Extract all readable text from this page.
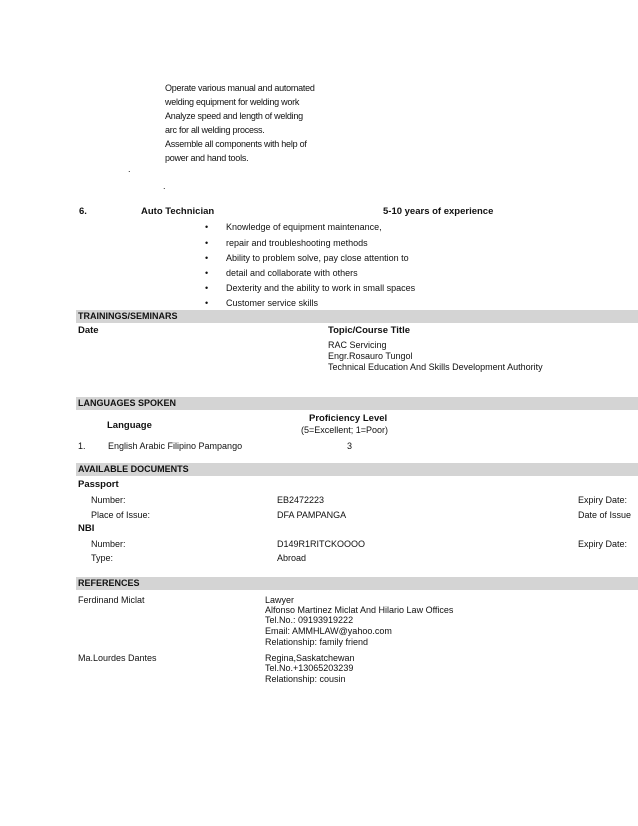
Operate various manual and automated
welding equipment for welding work
Analyze speed and length of welding
arc for all welding process.
Assemble all components with help of
power and hand tools.
.
.
6.	Auto Technician	5-10 years of experience
• Knowledge of equipment maintenance,
• repair and troubleshooting methods
• Ability to problem solve, pay close attention to
• detail and collaborate with others
• Dexterity and the ability to work in small spaces
• Customer service skills
TRAININGS/SEMINARS
Date	Topic/Course Title
RAC Servicing
Engr.Rosauro Tungol
Technical Education And Skills Development Authority
LANGUAGES SPOKEN
Language
Proficiency Level
(5=Excellent; 1=Poor)
1. English Arabic Filipino Pampango	3
AVAILABLE DOCUMENTS
Passport
Number:	EB2472223	Expiry Date:
Place of Issue:	DFA PAMPANGA	Date of Issue
NBI
Number:	D149R1RITCKOOOO	Expiry Date:
Type:	Abroad
REFERENCES
Ferdinand Miclat	Lawyer
Alfonso Martinez Miclat And Hilario Law Offices
Tel.No.: 09193919222
Email: AMMHLAW@yahoo.com
Relationship: family friend
Ma.Lourdes Dantes	Regina,Saskatchewan
Tel.No.+13065203239
Relationship: cousin
